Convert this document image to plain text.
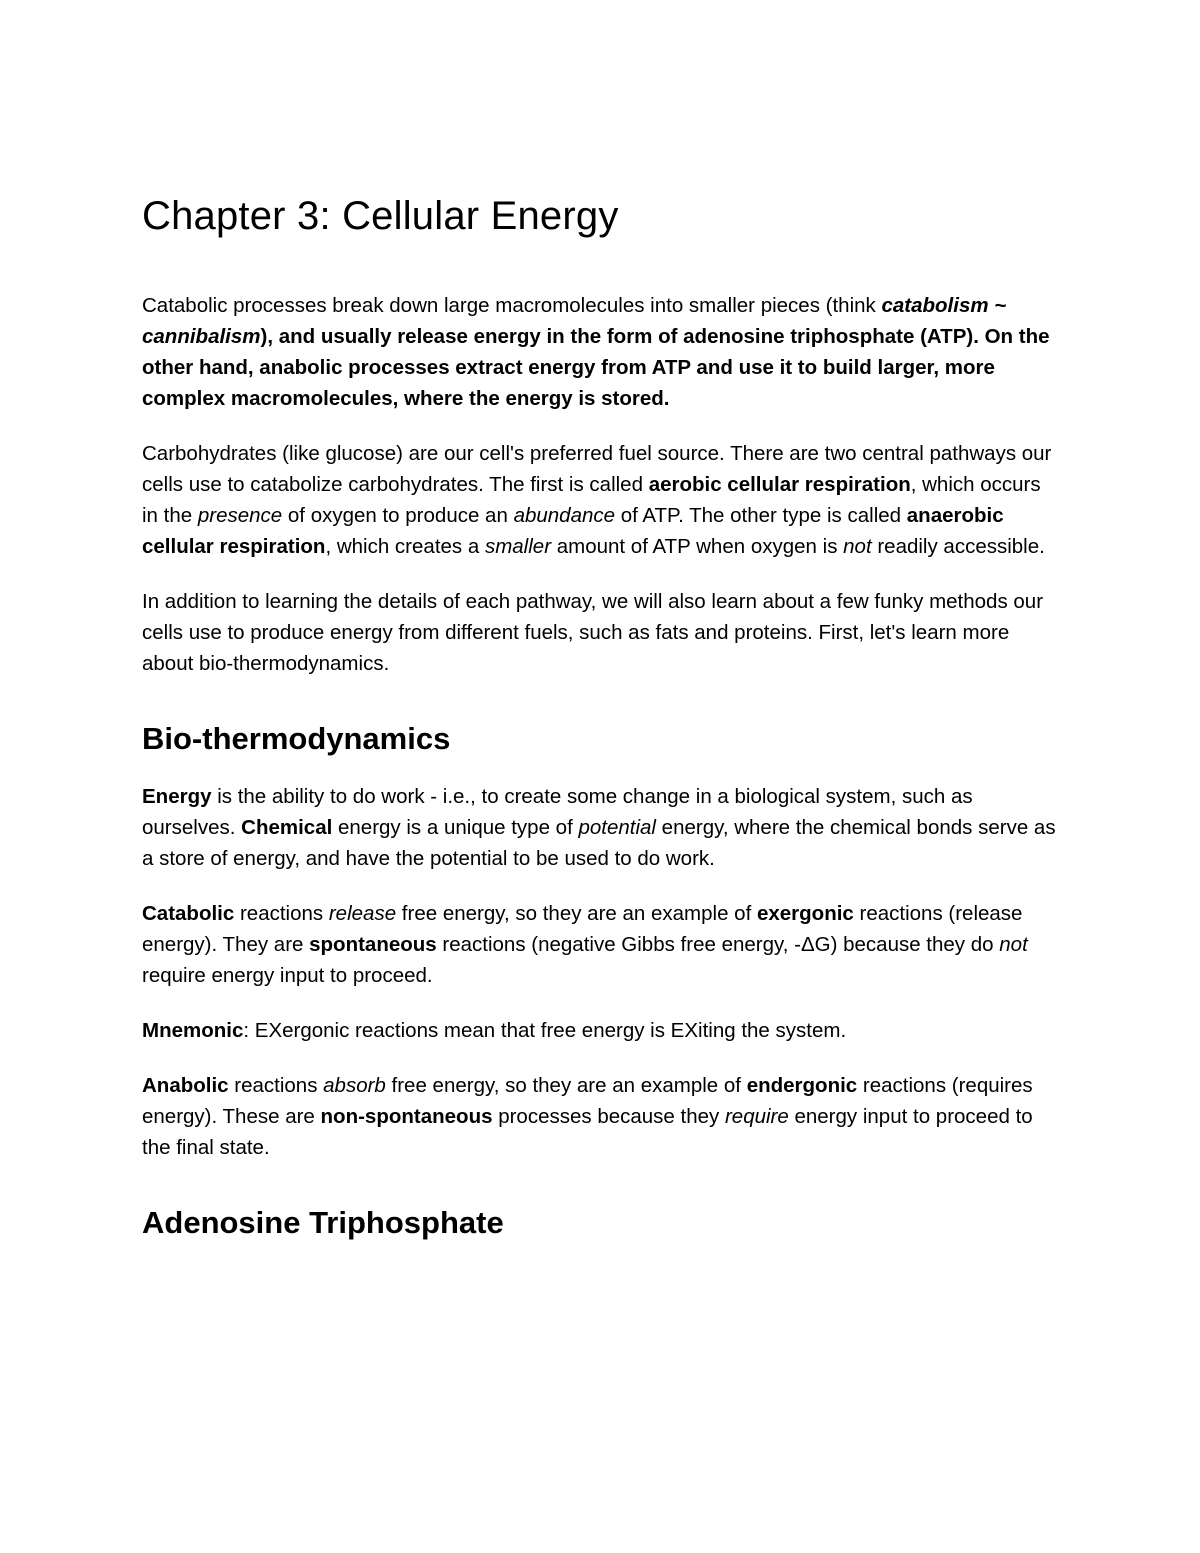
Chapter 3: Cellular Energy

Catabolic processes break down large macromolecules into smaller pieces (think catabolism ~ cannibalism), and usually release energy in the form of adenosine triphosphate (ATP). On the other hand, anabolic processes extract energy from ATP and use it to build larger, more complex macromolecules, where the energy is stored.

Carbohydrates (like glucose) are our cell's preferred fuel source. There are two central pathways our cells use to catabolize carbohydrates. The first is called aerobic cellular respiration, which occurs in the presence of oxygen to produce an abundance of ATP. The other type is called anaerobic cellular respiration, which creates a smaller amount of ATP when oxygen is not readily accessible.

In addition to learning the details of each pathway, we will also learn about a few funky methods our cells use to produce energy from different fuels, such as fats and proteins. First, let's learn more about bio-thermodynamics.

Bio-thermodynamics

Energy is the ability to do work - i.e., to create some change in a biological system, such as ourselves. Chemical energy is a unique type of potential energy, where the chemical bonds serve as a store of energy, and have the potential to be used to do work.

Catabolic reactions release free energy, so they are an example of exergonic reactions (release energy). They are spontaneous reactions (negative Gibbs free energy, -ΔG) because they do not require energy input to proceed.

Mnemonic: EXergonic reactions mean that free energy is EXiting the system.

Anabolic reactions absorb free energy, so they are an example of endergonic reactions (requires energy). These are non-spontaneous processes because they require energy input to proceed to the final state.

Adenosine Triphosphate
